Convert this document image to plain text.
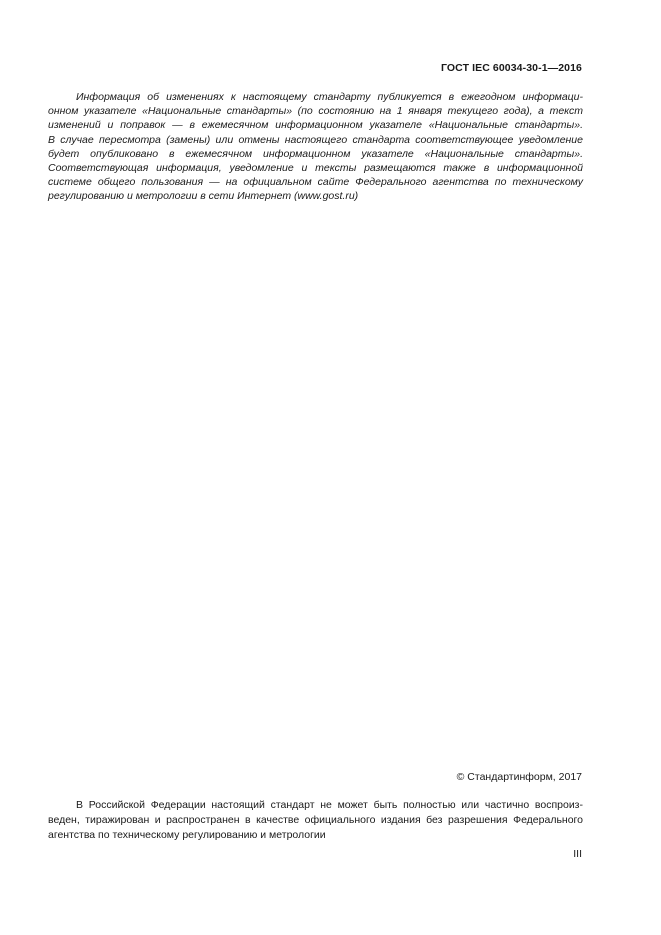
ГОСТ IEC 60034-30-1—2016

Информация об изменениях к настоящему стандарту публикуется в ежегодном информаци-
онном указателе «Национальные стандарты» (по состоянию на 1 января текущего года), а текст
изменений и поправок — в ежемесячном информационном указателе «Национальные стандарты».
В случае пересмотра (замены) или отмены настоящего стандарта соответствующее уведомление
будет опубликовано в ежемесячном информационном указателе «Национальные стандарты».
Соответствующая информация, уведомление и тексты размещаются также в информационной
системе общего пользования — на официальном сайте Федерального агентства по техническому
регулированию и метрологии в сети Интернет (www.gost.ru)

© Стандартинформ, 2017

В Российской Федерации настоящий стандарт не может быть полностью или частично воспроиз-
веден, тиражирован и распространен в качестве официального издания без разрешения Федерального
агентства по техническому регулированию и метрологии

III
